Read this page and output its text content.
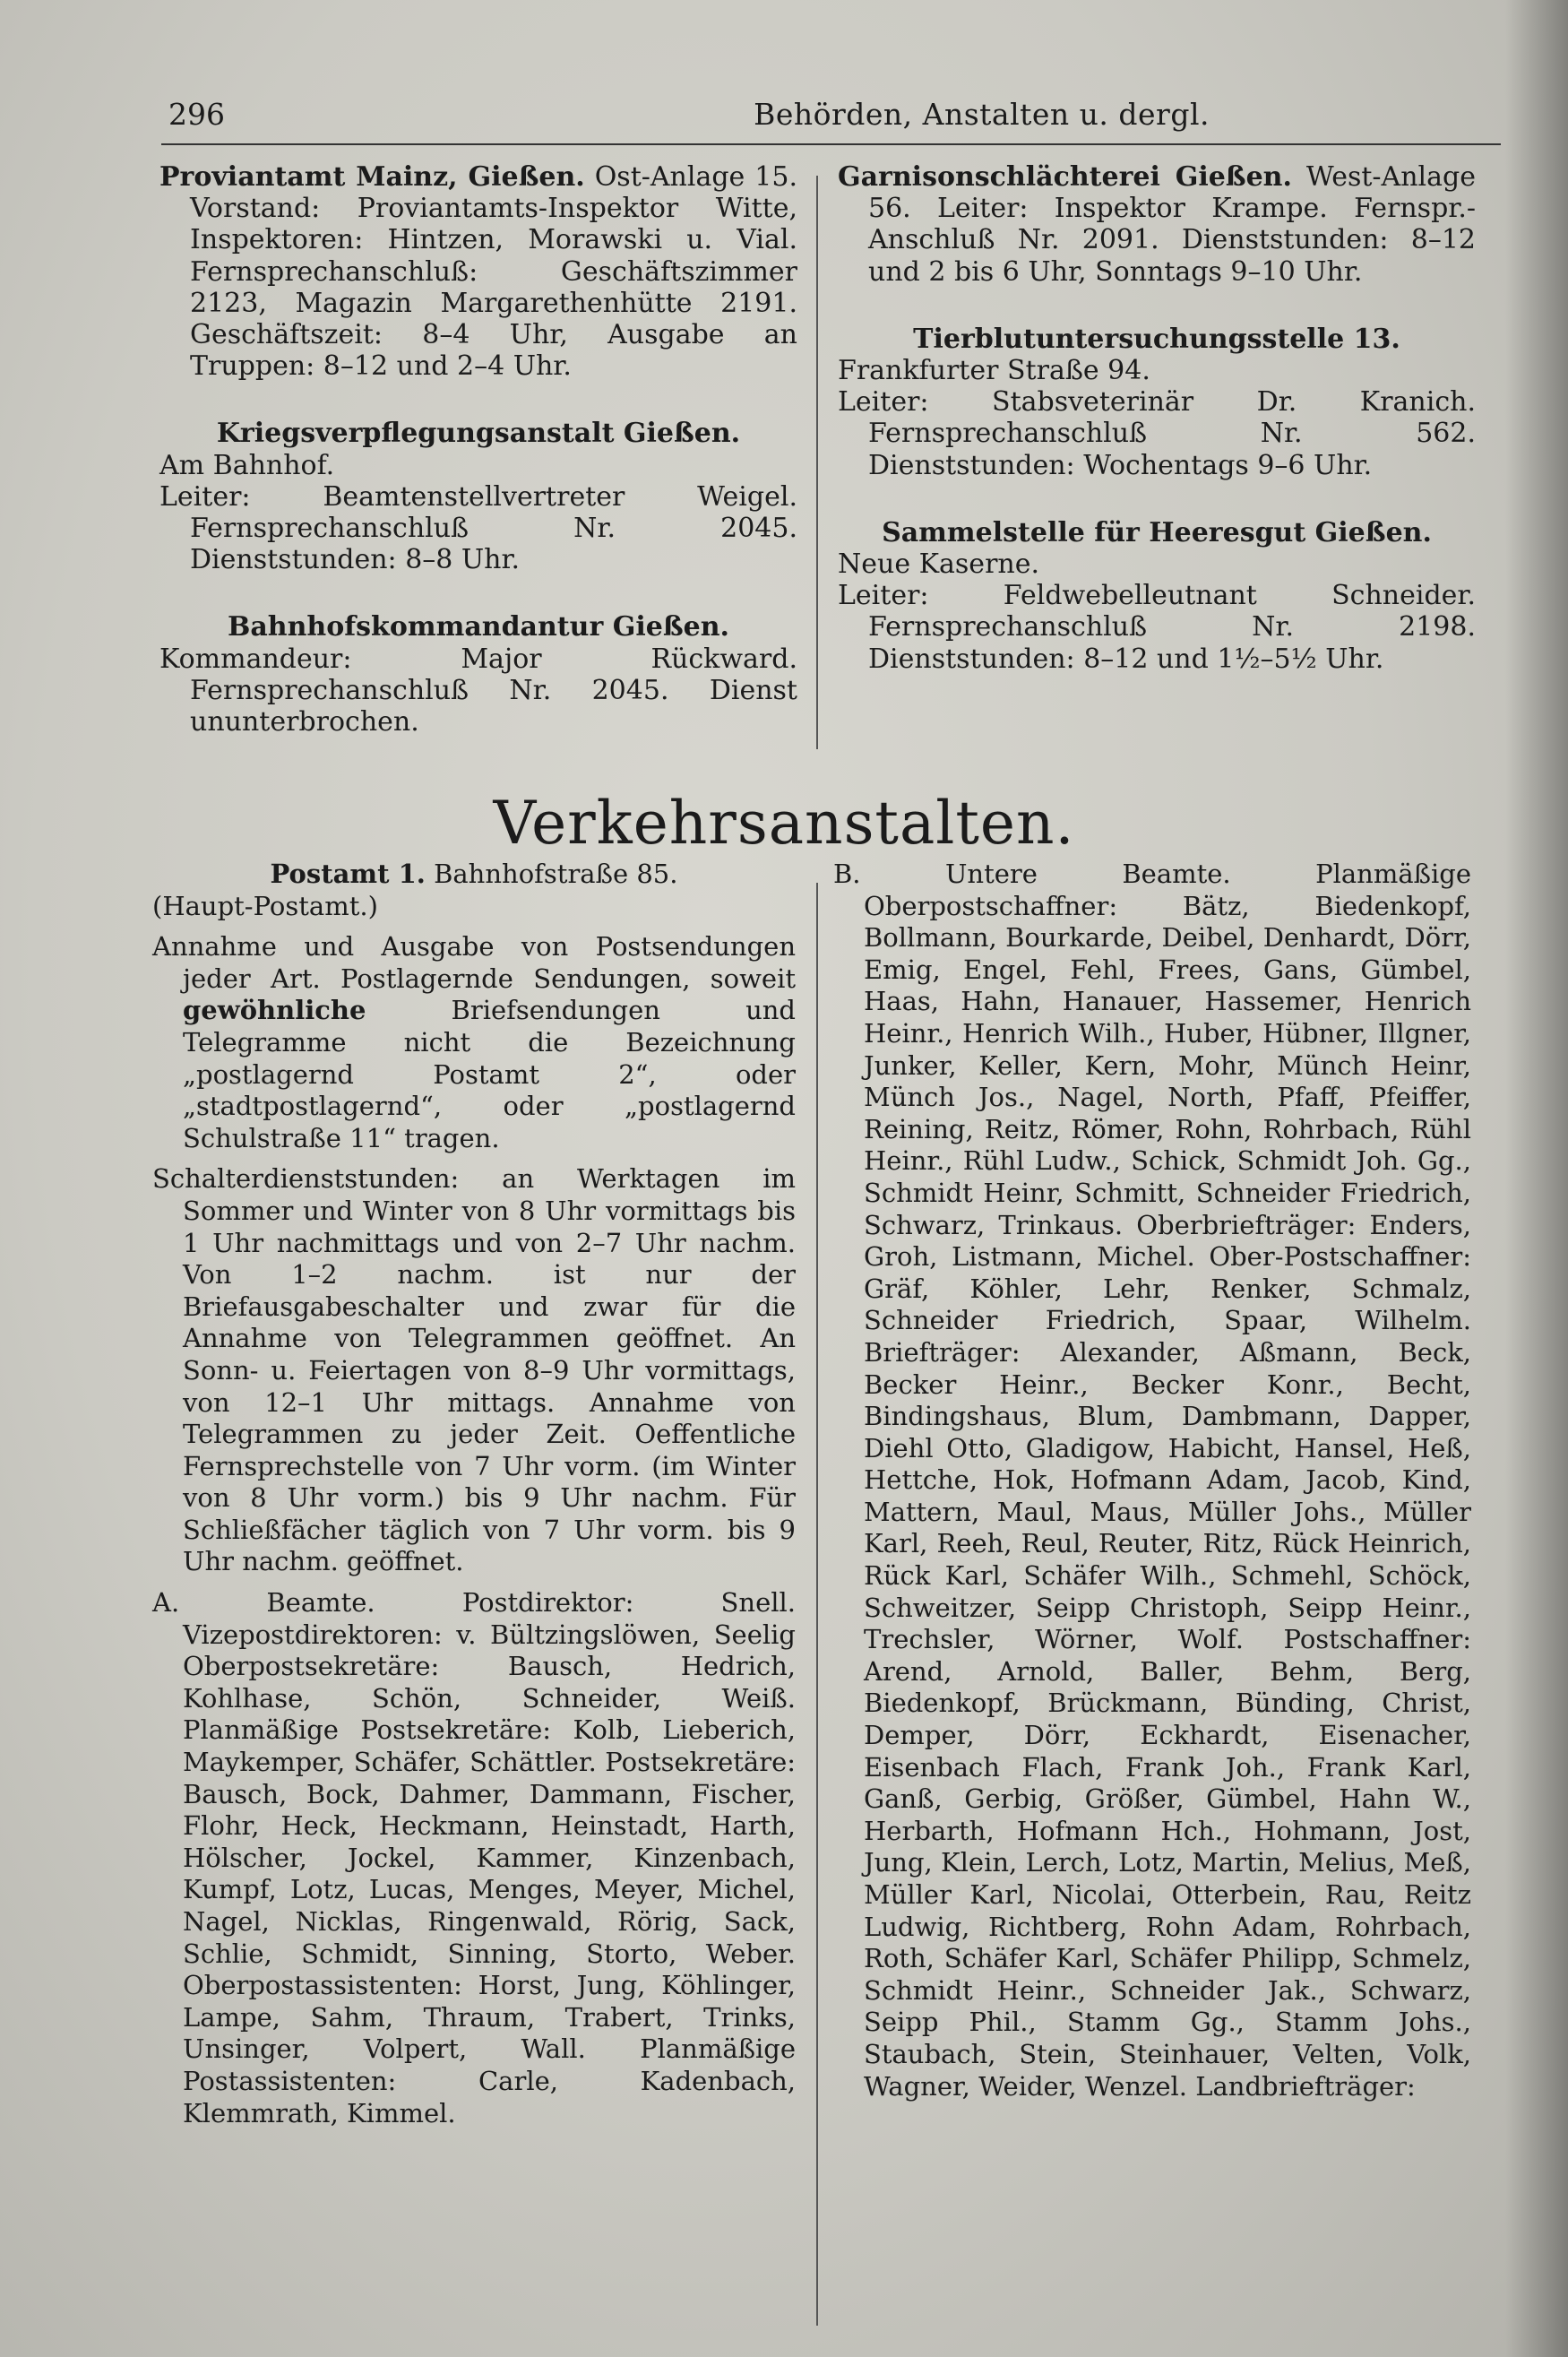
296	Behörden, Anstalten u. dergl.

Proviantamt Mainz, Gießen. Ost-Anlage 15. Vorstand: Proviantamts-Inspektor Witte, Inspektoren: Hintzen, Morawski u. Vial. Fernsprechanschluß: Geschäftszimmer 2123, Magazin Margarethenhütte 2191. Geschäftszeit: 8–4 Uhr, Ausgabe an Truppen: 8–12 und 2–4 Uhr.

Kriegsverpflegungsanstalt Gießen.

Am Bahnhof.

Leiter: Beamtenstellvertreter Weigel. Fernsprechanschluß Nr. 2045. Dienststunden: 8–8 Uhr.

Bahnhofskommandantur Gießen.

Kommandeur: Major Rückward. Fernsprechanschluß Nr. 2045. Dienst ununterbrochen.

Garnisonschlächterei Gießen. West-Anlage 56. Leiter: Inspektor Krampe. Fernspr.-Anschluß Nr. 2091. Dienststunden: 8–12 und 2 bis 6 Uhr, Sonntags 9–10 Uhr.

Tierblutuntersuchungsstelle 13.

Frankfurter Straße 94.

Leiter: Stabsveterinär Dr. Kranich. Fernsprechanschluß Nr. 562. Dienststunden: Wochentags 9–6 Uhr.

Sammelstelle für Heeresgut Gießen.

Neue Kaserne.

Leiter: Feldwebelleutnant Schneider. Fernsprechanschluß Nr. 2198. Dienststunden: 8–12 und 1½–5½ Uhr.

Verkehrsanstalten.

Postamt 1. Bahnhofstraße 85.

(Haupt-Postamt.)

Annahme und Ausgabe von Postsendungen jeder Art. Postlagernde Sendungen, soweit gewöhnliche Briefsendungen und Telegramme nicht die Bezeichnung „postlagernd Postamt 2“, oder „stadtpostlagernd“, oder „postlagernd Schulstraße 11“ tragen.

Schalterdienststunden: an Werktagen im Sommer und Winter von 8 Uhr vormittags bis 1 Uhr nachmittags und von 2–7 Uhr nachm. Von 1–2 nachm. ist nur der Briefausgabeschalter und zwar für die Annahme von Telegrammen geöffnet. An Sonn- u. Feiertagen von 8–9 Uhr vormittags, von 12–1 Uhr mittags. Annahme von Telegrammen zu jeder Zeit. Oeffentliche Fernsprechstelle von 7 Uhr vorm. (im Winter von 8 Uhr vorm.) bis 9 Uhr nachm. Für Schließfächer täglich von 7 Uhr vorm. bis 9 Uhr nachm. geöffnet.

A. Beamte. Postdirektor: Snell. Vizepostdirektoren: v. Bültzingslöwen, Seelig Oberpostsekretäre: Bausch, Hedrich, Kohlhase, Schön, Schneider, Weiß. Planmäßige Postsekretäre: Kolb, Lieberich, Maykemper, Schäfer, Schättler. Postsekretäre: Bausch, Bock, Dahmer, Dammann, Fischer, Flohr, Heck, Heckmann, Heinstadt, Harth, Hölscher, Jockel, Kammer, Kinzenbach, Kumpf, Lotz, Lucas, Menges, Meyer, Michel, Nagel, Nicklas, Ringenwald, Rörig, Sack, Schlie, Schmidt, Sinning, Storto, Weber. Oberpostassistenten: Horst, Jung, Köhlinger, Lampe, Sahm, Thraum, Trabert, Trinks, Unsinger, Volpert, Wall. Planmäßige Postassistenten: Carle, Kadenbach, Klemmrath, Kimmel.

B. Untere Beamte. Planmäßige Oberpostschaffner: Bätz, Biedenkopf, Bollmann, Bourkarde, Deibel, Denhardt, Dörr, Emig, Engel, Fehl, Frees, Gans, Gümbel, Haas, Hahn, Hanauer, Hassemer, Henrich Heinr., Henrich Wilh., Huber, Hübner, Illgner, Junker, Keller, Kern, Mohr, Münch Heinr, Münch Jos., Nagel, North, Pfaff, Pfeiffer, Reining, Reitz, Römer, Rohn, Rohrbach, Rühl Heinr., Rühl Ludw., Schick, Schmidt Joh. Gg., Schmidt Heinr, Schmitt, Schneider Friedrich, Schwarz, Trinkaus. Oberbriefträger: Enders, Groh, Listmann, Michel. Ober-Postschaffner: Gräf, Köhler, Lehr, Renker, Schmalz, Schneider Friedrich, Spaar, Wilhelm. Briefträger: Alexander, Aßmann, Beck, Becker Heinr., Becker Konr., Becht, Bindingshaus, Blum, Dambmann, Dapper, Diehl Otto, Gladigow, Habicht, Hansel, Heß, Hettche, Hok, Hofmann Adam, Jacob, Kind, Mattern, Maul, Maus, Müller Johs., Müller Karl, Reeh, Reul, Reuter, Ritz, Rück Heinrich, Rück Karl, Schäfer Wilh., Schmehl, Schöck, Schweitzer, Seipp Christoph, Seipp Heinr., Trechsler, Wörner, Wolf. Postschaffner: Arend, Arnold, Baller, Behm, Berg, Biedenkopf, Brückmann, Bünding, Christ, Demper, Dörr, Eckhardt, Eisenacher, Eisenbach Flach, Frank Joh., Frank Karl, Ganß, Gerbig, Größer, Gümbel, Hahn W., Herbarth, Hofmann Hch., Hohmann, Jost, Jung, Klein, Lerch, Lotz, Martin, Melius, Meß, Müller Karl, Nicolai, Otterbein, Rau, Reitz Ludwig, Richtberg, Rohn Adam, Rohrbach, Roth, Schäfer Karl, Schäfer Philipp, Schmelz, Schmidt Heinr., Schneider Jak., Schwarz, Seipp Phil., Stamm Gg., Stamm Johs., Staubach, Stein, Steinhauer, Velten, Volk, Wagner, Weider, Wenzel. Landbriefträger:
